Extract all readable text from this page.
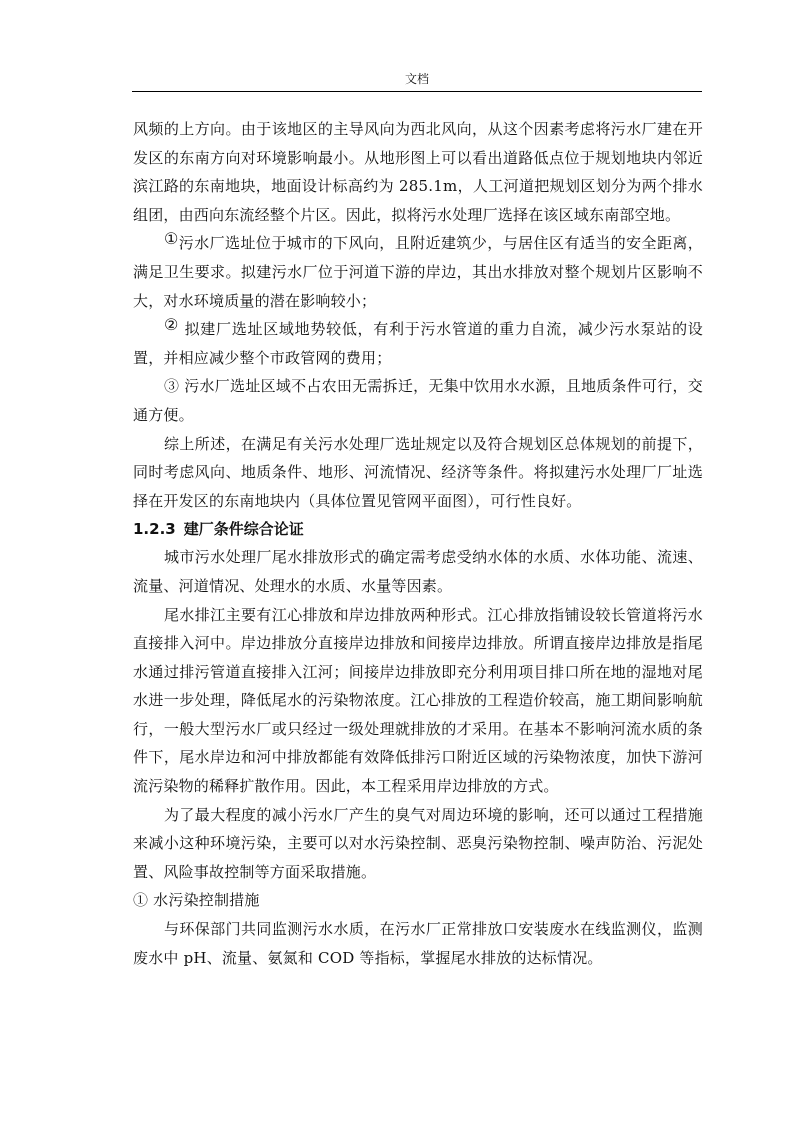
文档

风频的上方向。由于该地区的主导风向为西北风向，从这个因素考虑将污水厂建在开发区的东南方向对环境影响最小。从地形图上可以看出道路低点位于规划地块内邻近滨江路的东南地块，地面设计标高约为 285.1m，人工河道把规划区划分为两个排水组团，由西向东流经整个片区。因此，拟将污水处理厂选择在该区域东南部空地。

①污水厂选址位于城市的下风向，且附近建筑少，与居住区有适当的安全距离，满足卫生要求。拟建污水厂位于河道下游的岸边，其出水排放对整个规划片区影响不大，对水环境质量的潜在影响较小；

② 拟建厂选址区域地势较低，有利于污水管道的重力自流，减少污水泵站的设置，并相应减少整个市政管网的费用；

③ 污水厂选址区域不占农田无需拆迁，无集中饮用水水源，且地质条件可行，交通方便。

综上所述，在满足有关污水处理厂选址规定以及符合规划区总体规划的前提下，同时考虑风向、地质条件、地形、河流情况、经济等条件。将拟建污水处理厂厂址选择在开发区的东南地块内（具体位置见管网平面图），可行性良好。

1.2.3 建厂条件综合论证

城市污水处理厂尾水排放形式的确定需考虑受纳水体的水质、水体功能、流速、流量、河道情况、处理水的水质、水量等因素。

尾水排江主要有江心排放和岸边排放两种形式。江心排放指铺设较长管道将污水直接排入河中。岸边排放分直接岸边排放和间接岸边排放。所谓直接岸边排放是指尾水通过排污管道直接排入江河；间接岸边排放即充分利用项目排口所在地的湿地对尾水进一步处理，降低尾水的污染物浓度。江心排放的工程造价较高，施工期间影响航行，一般大型污水厂或只经过一级处理就排放的才采用。在基本不影响河流水质的条件下，尾水岸边和河中排放都能有效降低排污口附近区域的污染物浓度，加快下游河流污染物的稀释扩散作用。因此，本工程采用岸边排放的方式。

为了最大程度的减小污水厂产生的臭气对周边环境的影响，还可以通过工程措施来减小这种环境污染，主要可以对水污染控制、恶臭污染物控制、噪声防治、污泥处置、风险事故控制等方面采取措施。

① 水污染控制措施

与环保部门共同监测污水水质，在污水厂正常排放口安装废水在线监测仪，监测废水中 pH、流量、氨氮和 COD 等指标，掌握尾水排放的达标情况。
